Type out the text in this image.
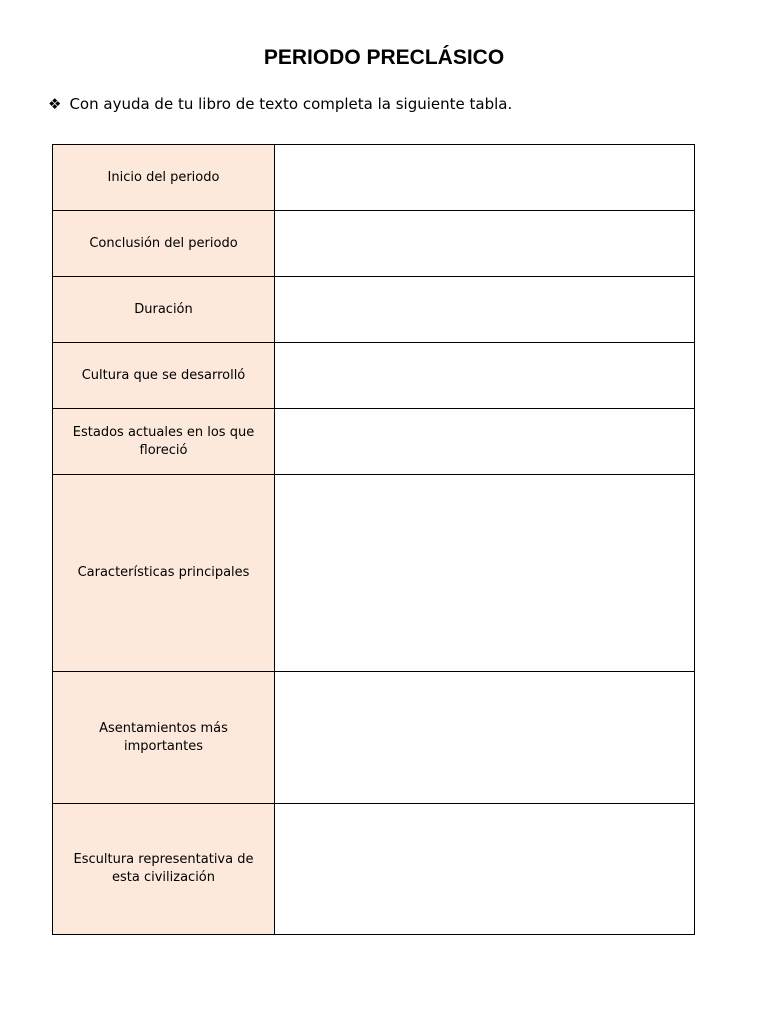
PERIODO PRECLÁSICO
❖ Con ayuda de tu libro de texto completa la siguiente tabla.
Inicio del periodo	
Conclusión del periodo	
Duración	
Cultura que se desarrolló	
Estados actuales en los que floreció	
Características principales	
Asentamientos más importantes	
Escultura representativa de esta civilización	
